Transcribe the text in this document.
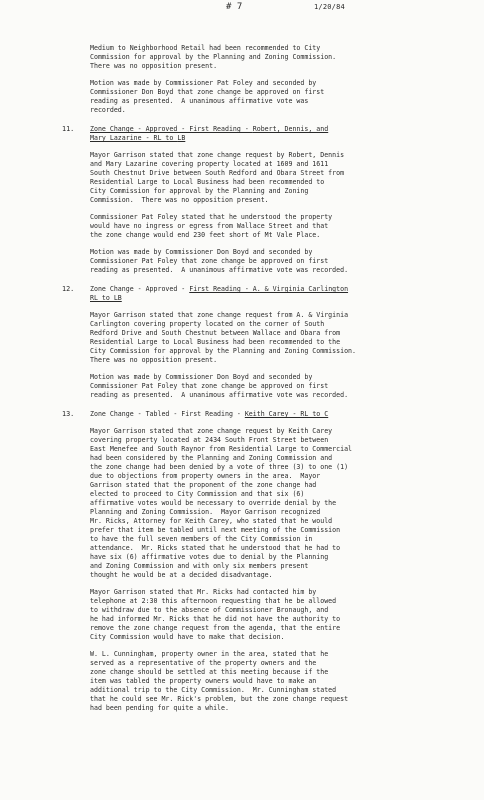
# 7	1/20/84
Medium to Neighborhood Retail had been recommended to City
Commission for approval by the Planning and Zoning Commission.
There was no opposition present.
Motion was made by Commissioner Pat Foley and seconded by
Commissioner Don Boyd that zone change be approved on first
reading as presented.  A unanimous affirmative vote was
recorded.
11. Zone Change - Approved - First Reading - Robert, Dennis, and
Mary Lazarine - RL to LB
Mayor Garrison stated that zone change request by Robert, Dennis
and Mary Lazarine covering property located at 1609 and 1611
South Chestnut Drive between South Redford and Obara Street from
Residential Large to Local Business had been recommended to
City Commission for approval by the Planning and Zoning
Commission.  There was no opposition present.
Commissioner Pat Foley stated that he understood the property
would have no ingress or egress from Wallace Street and that
the zone change would end 230 feet short of Mt Vale Place.
Motion was made by Commissioner Don Boyd and seconded by
Commissioner Pat Foley that zone change be approved on first
reading as presented.  A unanimous affirmative vote was recorded.
12. Zone Change - Approved - First Reading - A. & Virginia Carlington
RL to LB
Mayor Garrison stated that zone change request from A. & Virginia
Carlington covering property located on the corner of South
Redford Drive and South Chestnut between Wallace and Obara from
Residential Large to Local Business had been recommended to the
City Commission for approval by the Planning and Zoning Commission.
There was no opposition present.
Motion was made by Commissioner Don Boyd and seconded by
Commissioner Pat Foley that zone change be approved on first
reading as presented.  A unanimous affirmative vote was recorded.
13. Zone Change - Tabled - First Reading - Keith Carey - RL to C
Mayor Garrison stated that zone change request by Keith Carey
covering property located at 2434 South Front Street between
East Menefee and South Raynor from Residential Large to Commercial
had been considered by the Planning and Zoning Commission and
the zone change had been denied by a vote of three (3) to one (1)
due to objections from property owners in the area.  Mayor
Garrison stated that the proponent of the zone change had
elected to proceed to City Commission and that six (6)
affirmative votes would be necessary to override denial by the
Planning and Zoning Commission.  Mayor Garrison recognized
Mr. Ricks, Attorney for Keith Carey, who stated that he would
prefer that item be tabled until next meeting of the Commission
to have the full seven members of the City Commission in
attendance.  Mr. Ricks stated that he understood that he had to
have six (6) affirmative votes due to denial by the Planning
and Zoning Commission and with only six members present
thought he would be at a decided disadvantage.
Mayor Garrison stated that Mr. Ricks had contacted him by
telephone at 2:30 this afternoon requesting that he be allowed
to withdraw due to the absence of Commissioner Bronaugh, and
he had informed Mr. Ricks that he did not have the authority to
remove the zone change request from the agenda, that the entire
City Commission would have to make that decision.
W. L. Cunningham, property owner in the area, stated that he
served as a representative of the property owners and the
zone change should be settled at this meeting because if the
item was tabled the property owners would have to make an
additional trip to the City Commission.  Mr. Cunningham stated
that he could see Mr. Rick's problem, but the zone change request
had been pending for quite a while.
